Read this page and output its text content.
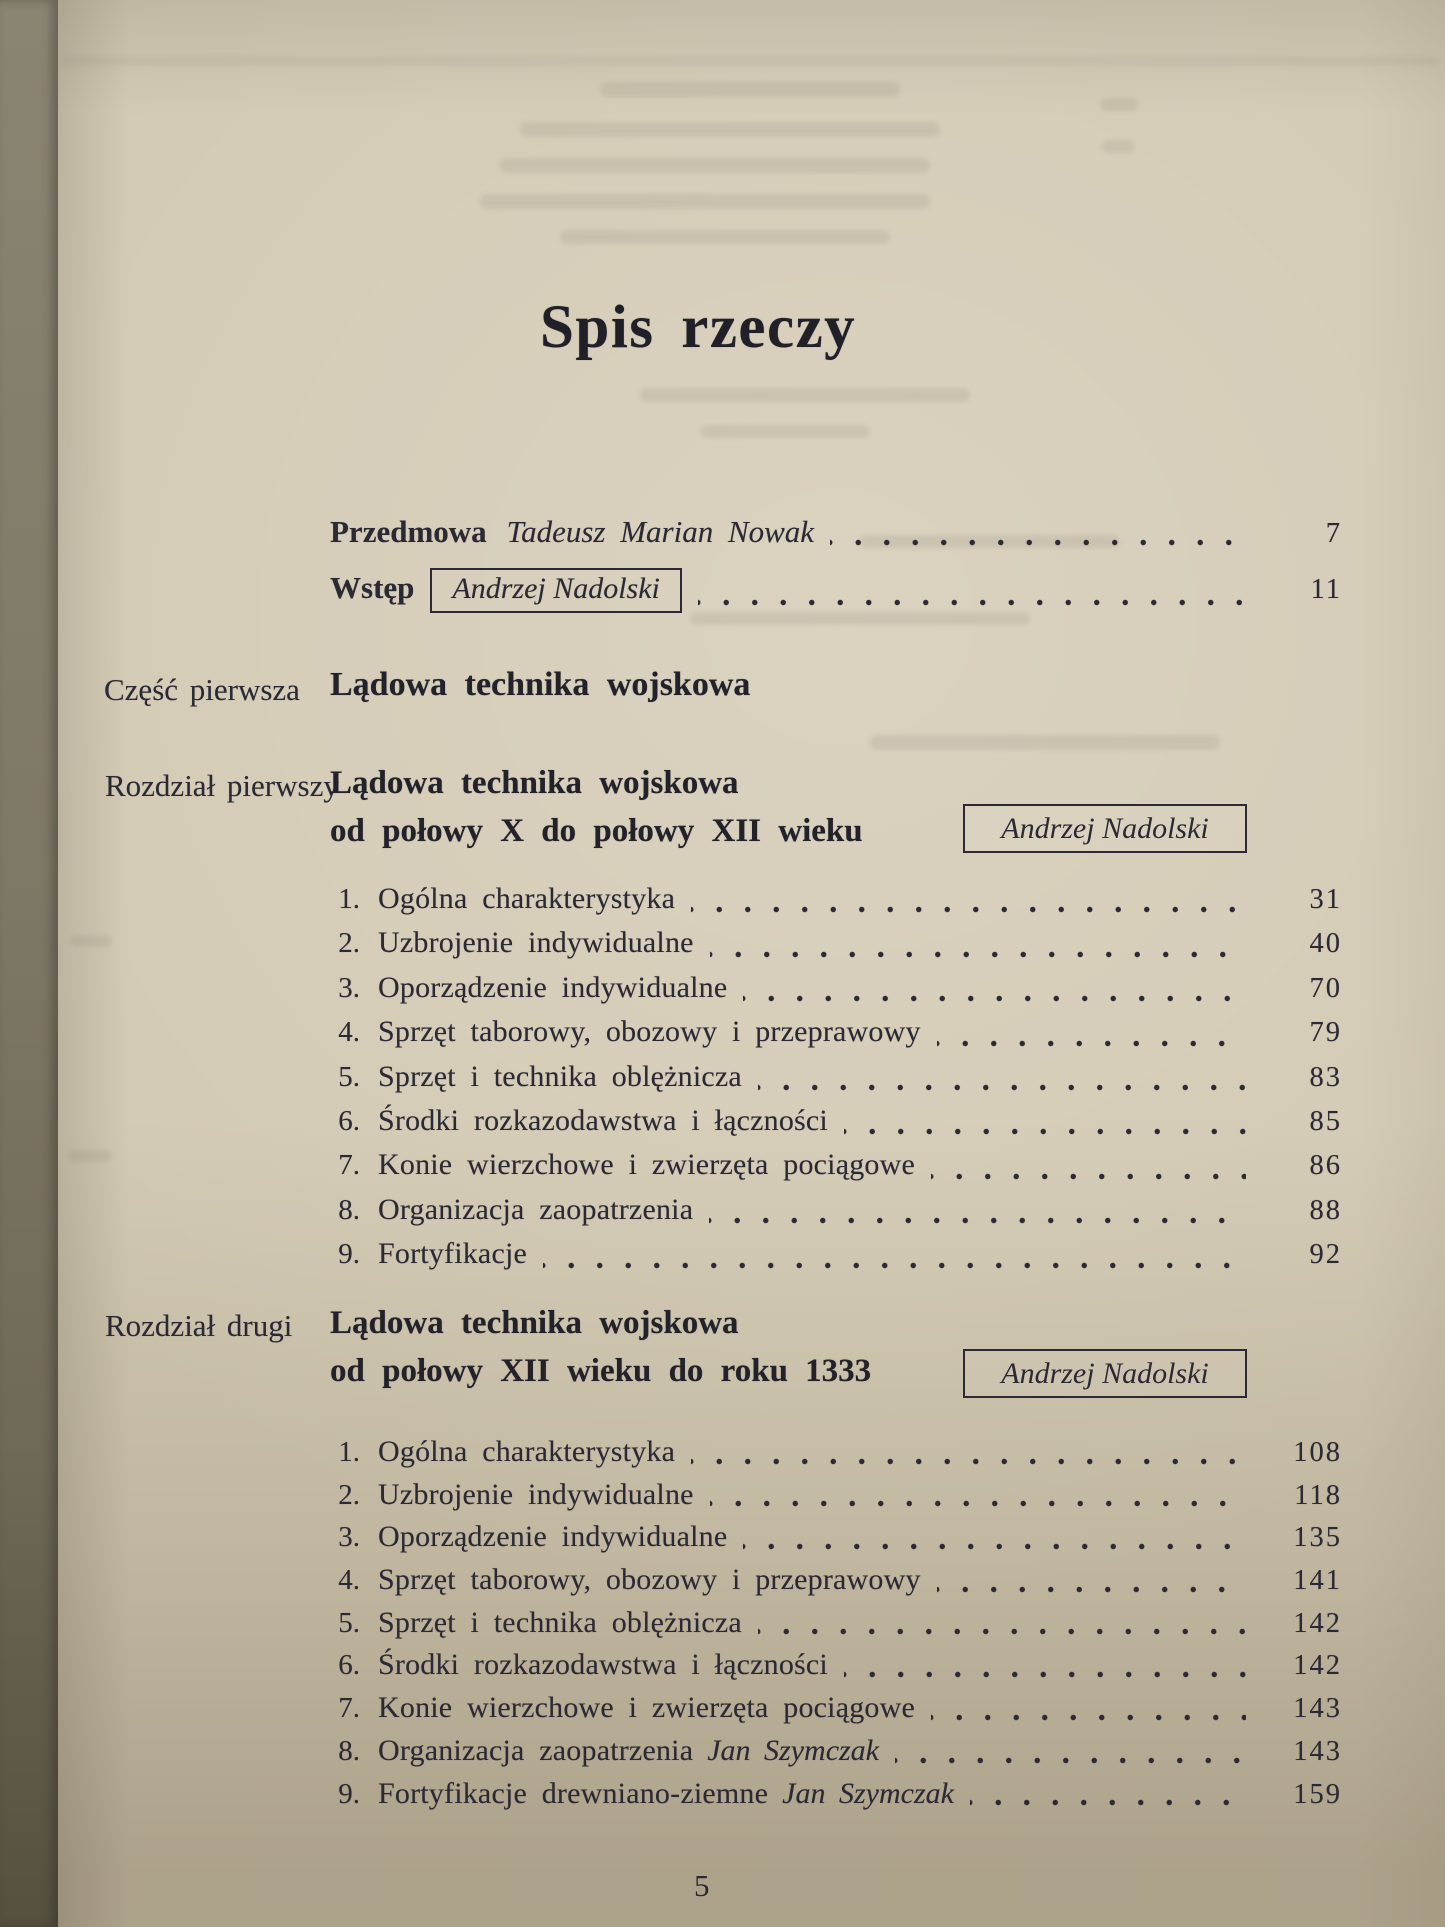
Spis rzeczy
Przedmowa Tadeusz Marian Nowak	7
Wstęp	Andrzej Nadolski	11
Część pierwsza Lądowa technika wojskowa
Rozdział pierwszy
Lądowa technika wojskowa
od połowy X do połowy XII wieku	Andrzej Nadolski
1. Ogólna charakterystyka	31
2. Uzbrojenie indywidualne	40
3. Oporządzenie indywidualne	70
4. Sprzęt taborowy, obozowy i przeprawowy	79
5. Sprzęt i technika oblężnicza	83
6. Środki rozkazodawstwa i łączności	85
7. Konie wierzchowe i zwierzęta pociągowe	86
8. Organizacja zaopatrzenia	88
9. Fortyfikacje	92
Rozdział drugi Lądowa technika wojskowa
od połowy XII wieku do roku 1333	Andrzej Nadolski
1. Ogólna charakterystyka	108
2. Uzbrojenie indywidualne	118
3. Oporządzenie indywidualne	135
4. Sprzęt taborowy, obozowy i przeprawowy	141
5. Sprzęt i technika oblężnicza	142
6. Środki rozkazodawstwa i łączności	142
7. Konie wierzchowe i zwierzęta pociągowe	143
8. Organizacja zaopatrzenia Jan Szymczak	143
9. Fortyfikacje drewniano-ziemne Jan Szymczak	159
5
